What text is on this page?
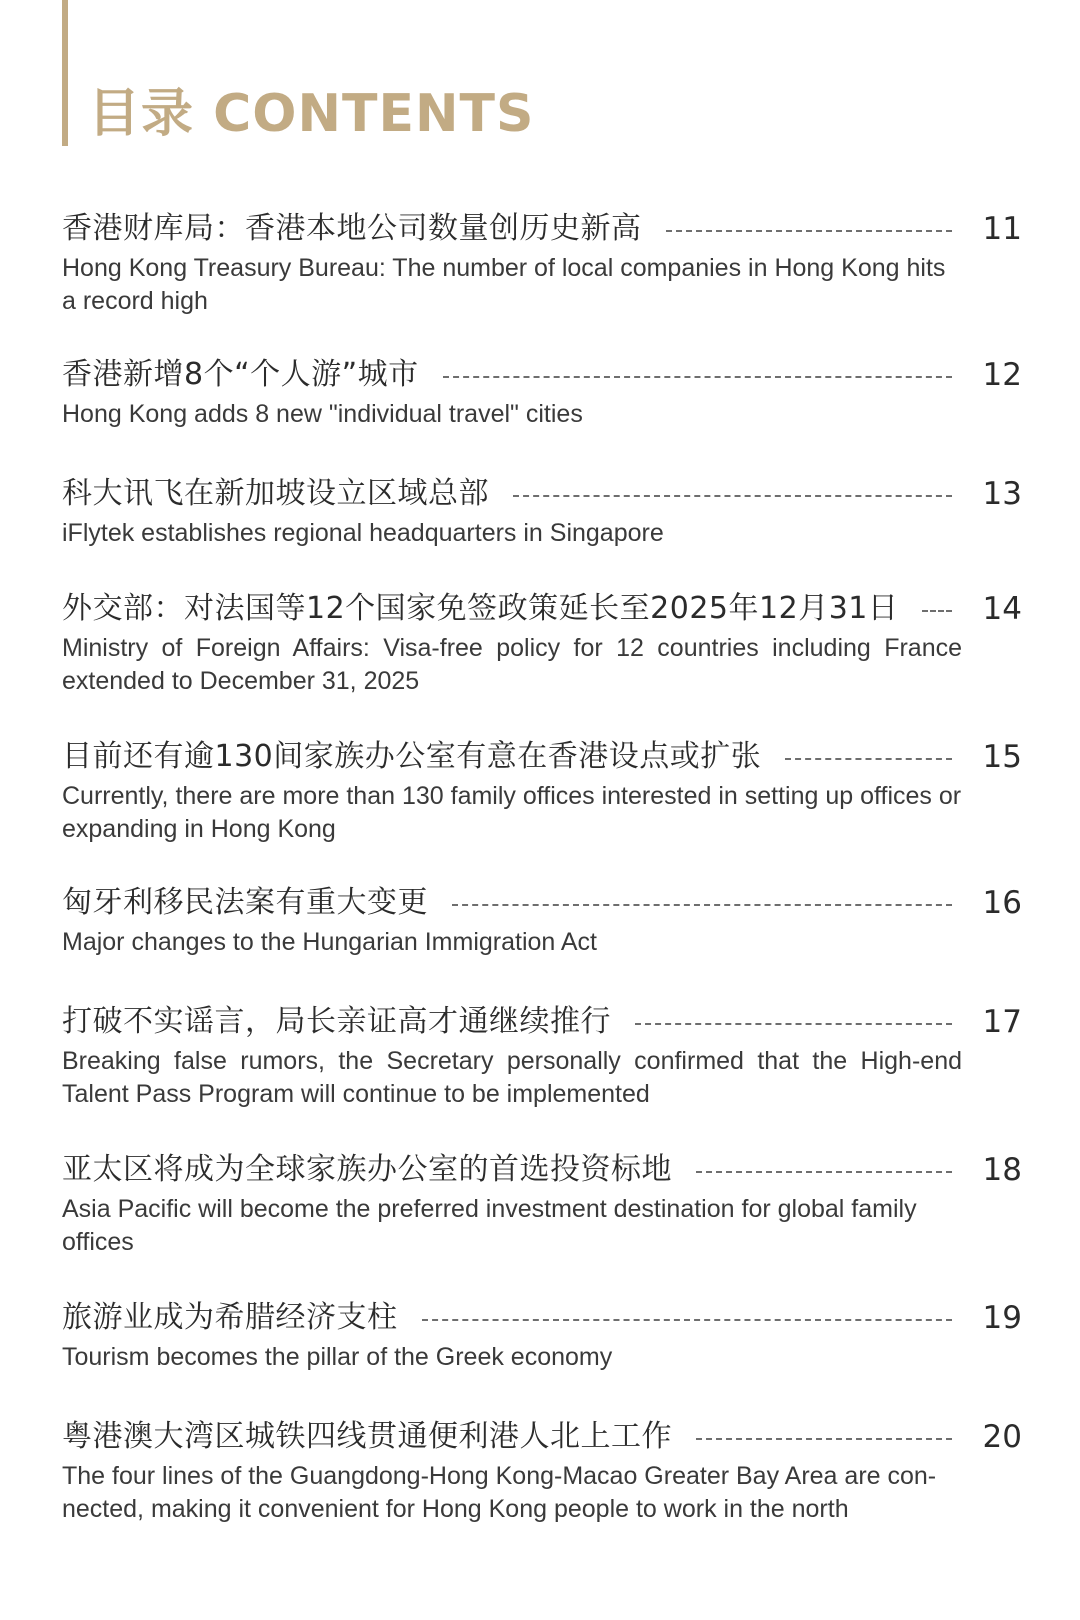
目录 CONTENTS
香港财库局：香港本地公司数量创历史新高	11
Hong Kong Treasury Bureau: The number of local companies in Hong Kong hits a record high
香港新增8个“个人游”城市	12
Hong Kong adds 8 new "individual travel" cities
科大讯飞在新加坡设立区域总部	13
iFlytek establishes regional headquarters in Singapore
外交部：对法国等12个国家免签政策延长至2025年12月31日	14
Ministry of Foreign Affairs: Visa-free policy for 12 countries including France extended to December 31, 2025
目前还有逾130间家族办公室有意在香港设点或扩张	15
Currently, there are more than 130 family offices interested in setting up offices or expanding in Hong Kong
匈牙利移民法案有重大变更	16
Major changes to the Hungarian Immigration Act
打破不实谣言，局长亲证高才通继续推行	17
Breaking false rumors, the Secretary personally confirmed that the High-end Talent Pass Program will continue to be implemented
亚太区将成为全球家族办公室的首选投资标地	18
Asia Pacific will become the preferred investment destination for global family offices
旅游业成为希腊经济支柱	19
Tourism becomes the pillar of the Greek economy
粤港澳大湾区城铁四线贯通便利港人北上工作	20
The four lines of the Guangdong-Hong Kong-Macao Greater Bay Area are con-nected, making it convenient for Hong Kong people to work in the north
